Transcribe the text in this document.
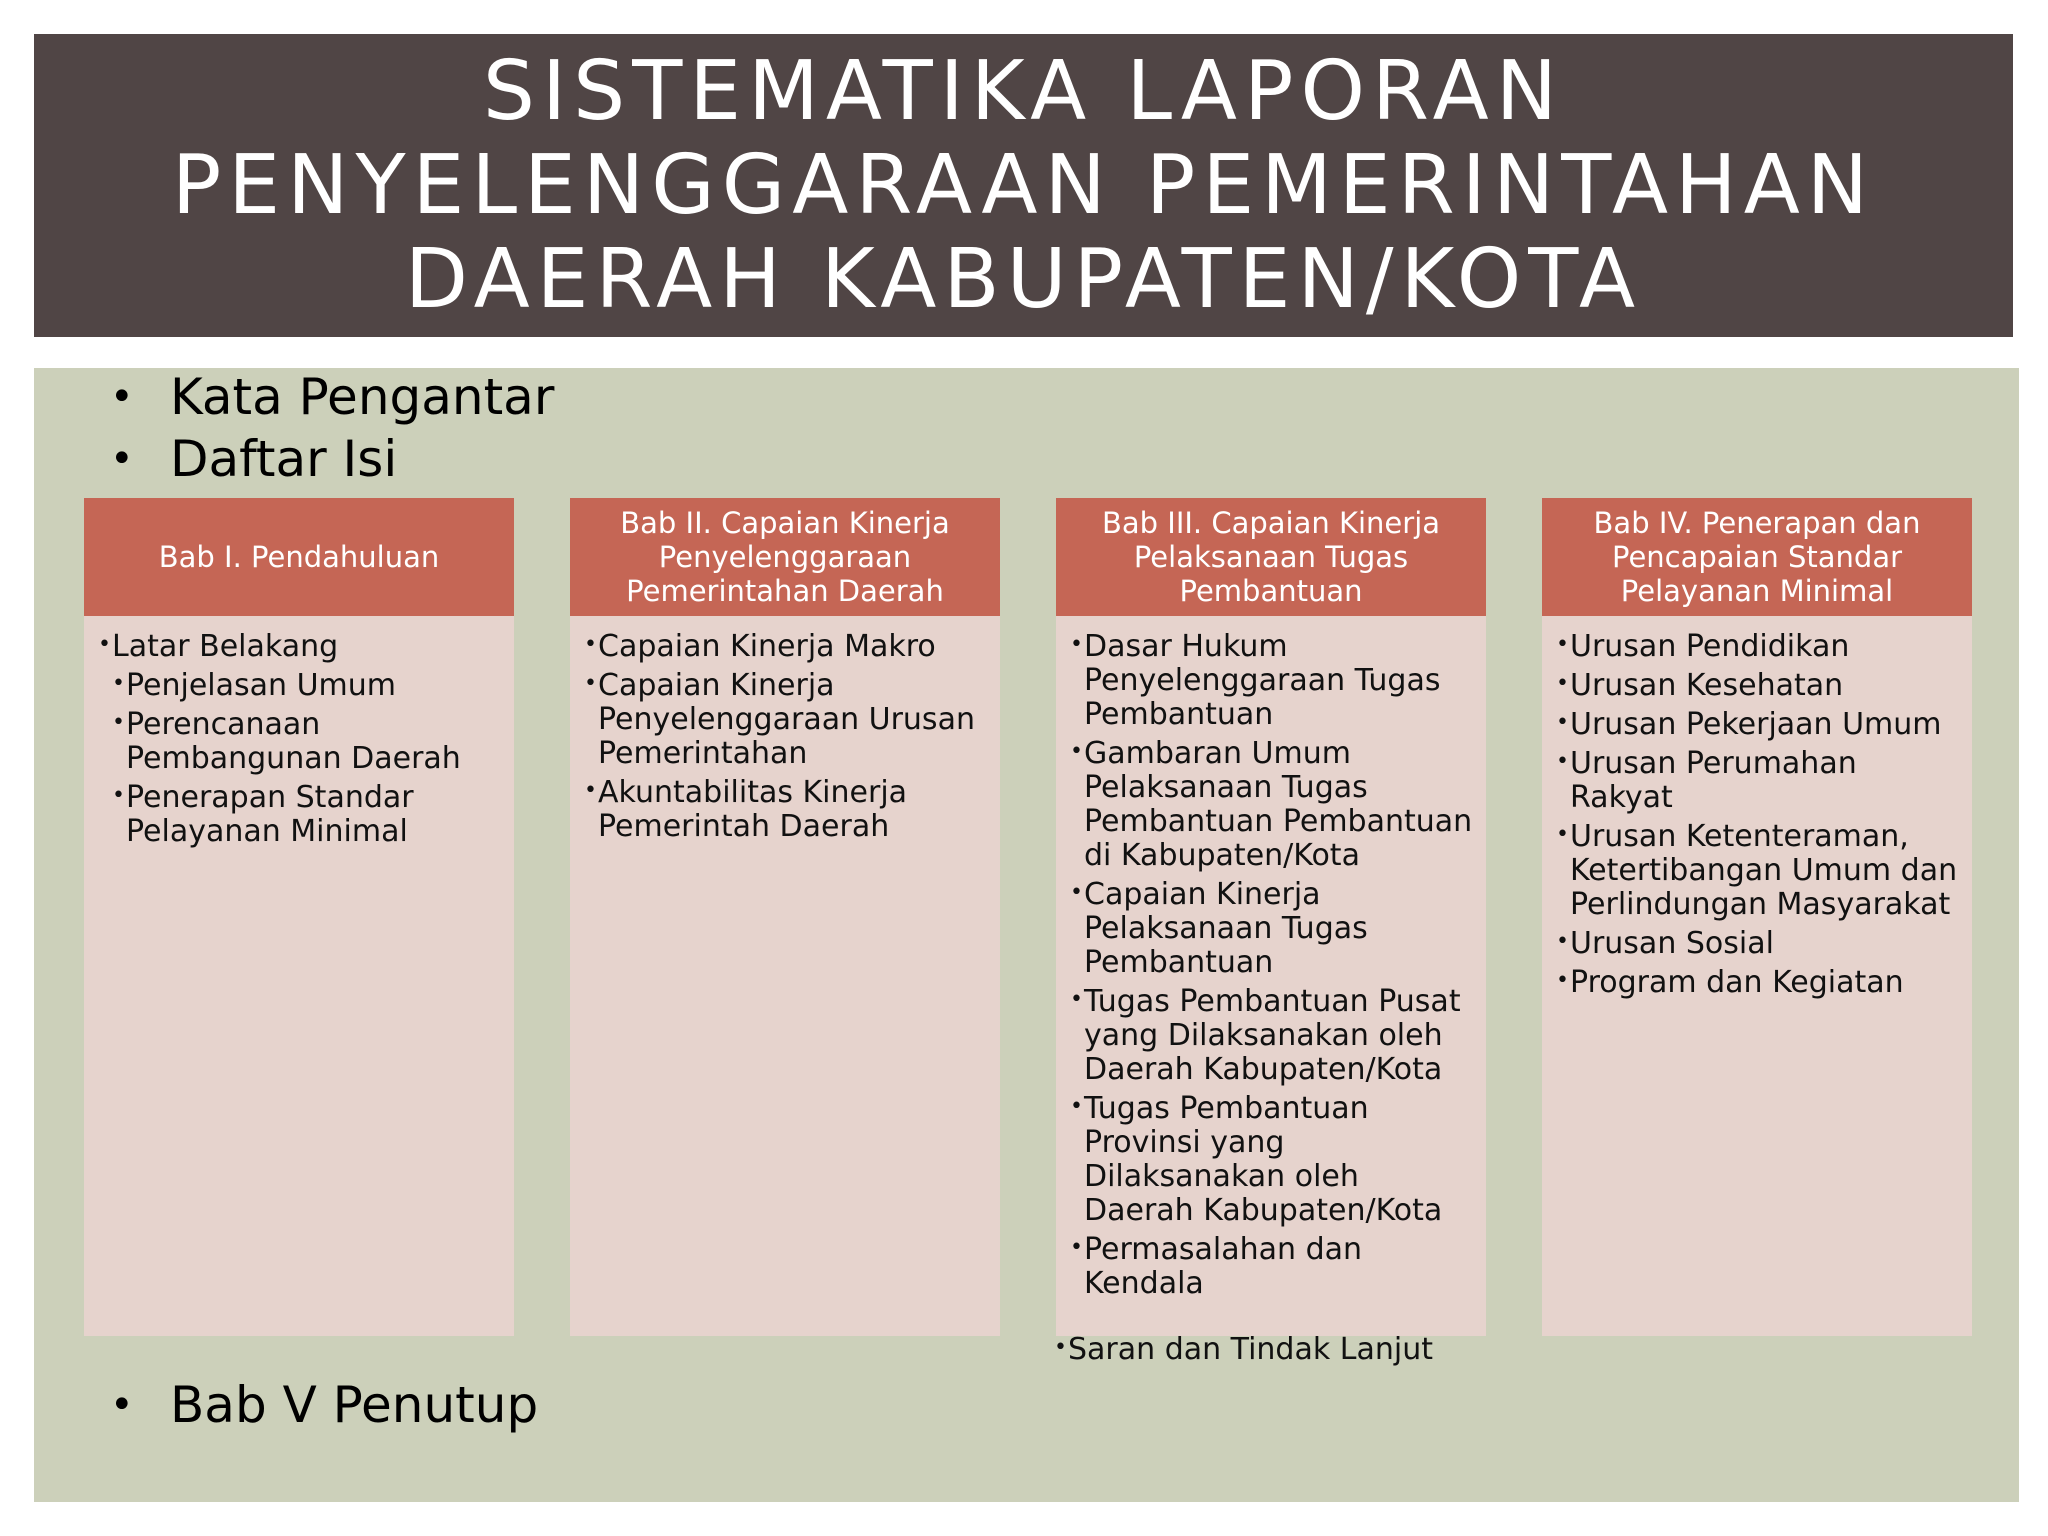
SISTEMATIKA LAPORAN
PENYELENGGARAAN PEMERINTAHAN
DAERAH KABUPATEN/KOTA
• Kata Pengantar
• Daftar Isi
Bab I. Pendahuluan
• Latar Belakang
• Penjelasan Umum
• Perencanaan Pembangunan Daerah
• Penerapan Standar Pelayanan Minimal
Bab II. Capaian Kinerja Penyelenggaraan Pemerintahan Daerah
• Capaian Kinerja Makro
• Capaian Kinerja Penyelenggaraan Urusan Pemerintahan
• Akuntabilitas Kinerja Pemerintah Daerah
Bab III. Capaian Kinerja Pelaksanaan Tugas Pembantuan
• Dasar Hukum Penyelenggaraan Tugas Pembantuan
• Gambaran Umum Pelaksanaan Tugas Pembantuan Pembantuan di Kabupaten/Kota
• Capaian Kinerja Pelaksanaan Tugas Pembantuan
• Tugas Pembantuan Pusat yang Dilaksanakan oleh Daerah Kabupaten/Kota
• Tugas Pembantuan Provinsi yang Dilaksanakan oleh Daerah Kabupaten/Kota
• Permasalahan dan Kendala
• Saran dan Tindak Lanjut
Bab IV. Penerapan dan Pencapaian Standar Pelayanan Minimal
• Urusan Pendidikan
• Urusan Kesehatan
• Urusan Pekerjaan Umum
• Urusan Perumahan Rakyat
• Urusan Ketenteraman, Ketertibangan Umum dan Perlindungan Masyarakat
• Urusan Sosial
• Program dan Kegiatan
• Bab V Penutup
